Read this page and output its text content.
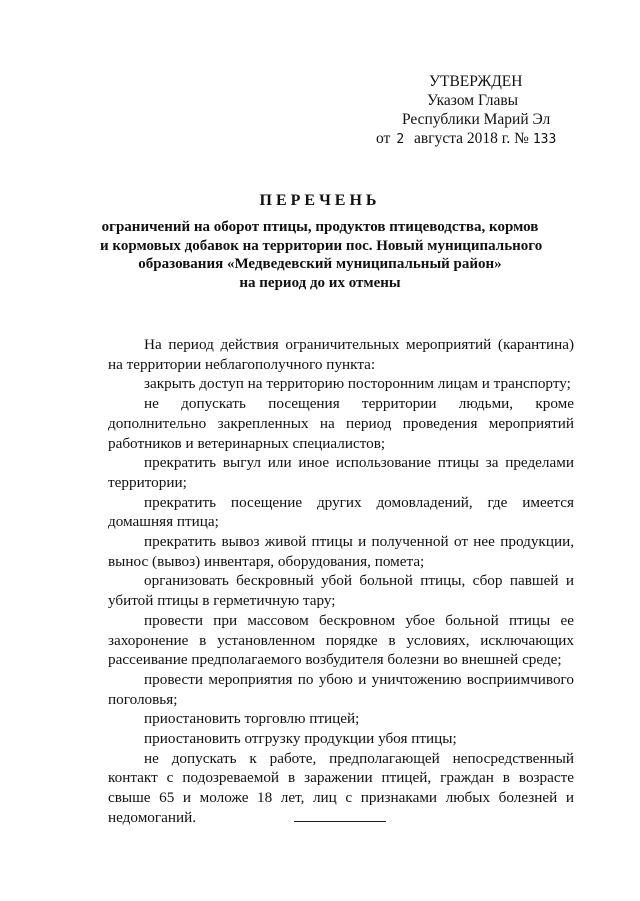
УТВЕРЖДЕН
Указом Главы
Республики Марий Эл
от 2 августа 2018 г. № 133
ПЕРЕЧЕНЬ
ограничений на оборот птицы, продуктов птицеводства, кормов
и кормовых добавок на территории пос. Новый муниципального
образования «Медведевский муниципальный район»
на период до их отмены

На период действия ограничительных мероприятий (карантина) на территории неблагополучного пункта:

закрыть доступ на территорию посторонним лицам и транспорту;

не допускать посещения территории людьми, кроме дополнительно закрепленных на период проведения мероприятий работников и ветеринарных специалистов;

прекратить выгул или иное использование птицы за пределами территории;

прекратить посещение других домовладений, где имеется домашняя птица;

прекратить вывоз живой птицы и полученной от нее продукции, вынос (вывоз) инвентаря, оборудования, помета;

организовать бескровный убой больной птицы, сбор павшей и убитой птицы в герметичную тару;

провести при массовом бескровном убое больной птицы ее захоронение в установленном порядке в условиях, исключающих рассеивание предполагаемого возбудителя болезни во внешней среде;

провести мероприятия по убою и уничтожению восприимчивого поголовья;

приостановить торговлю птицей;

приостановить отгрузку продукции убоя птицы;

не допускать к работе, предполагающей непосредственный контакт с подозреваемой в заражении птицей, граждан в возрасте свыше 65 и моложе 18 лет, лиц с признаками любых болезней и недомоганий.
